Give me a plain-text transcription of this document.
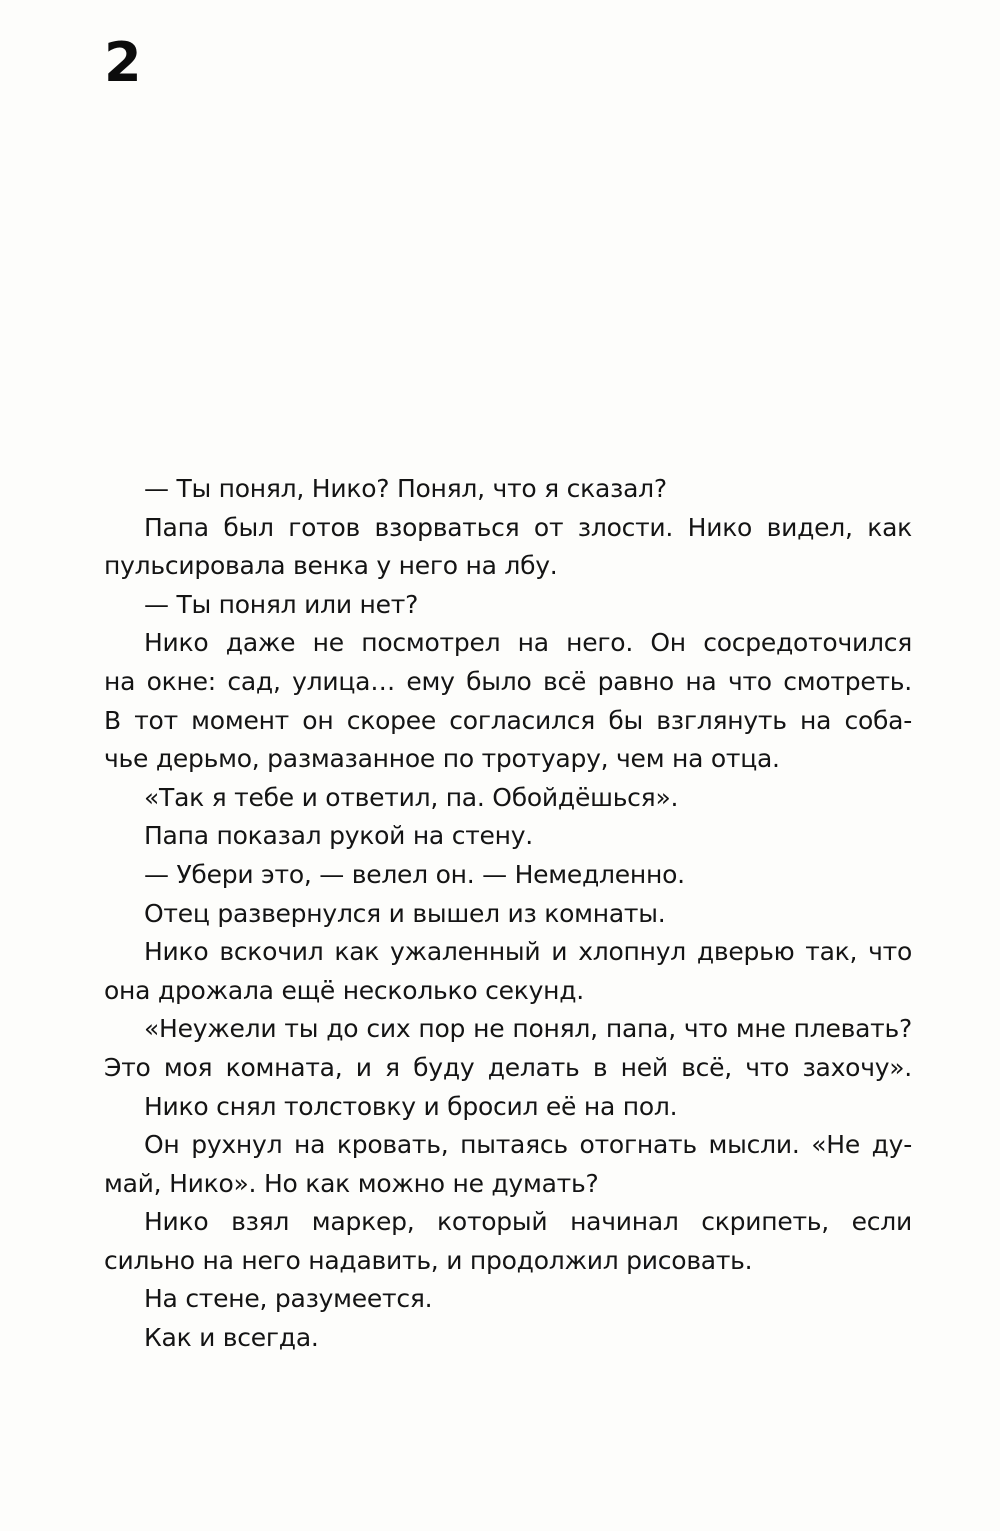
2
— Ты понял, Нико? Понял, что я сказал?
Папа был готов взорваться от злости. Нико видел, как
пульсировала венка у него на лбу.
— Ты понял или нет?
Нико даже не посмотрел на него. Он сосредоточился
на окне: сад, улица… ему было всё равно на что смотреть.
В тот момент он скорее согласился бы взглянуть на соба-
чье дерьмо, размазанное по тротуару, чем на отца.
«Так я тебе и ответил, па. Обойдёшься».
Папа показал рукой на стену.
— Убери это, — велел он. — Немедленно.
Отец развернулся и вышел из комнаты.
Нико вскочил как ужаленный и хлопнул дверью так, что
она дрожала ещё несколько секунд.
«Неужели ты до сих пор не понял, папа, что мне плевать?
Это моя комната, и я буду делать в ней всё, что захочу».
Нико снял толстовку и бросил её на пол.
Он рухнул на кровать, пытаясь отогнать мысли. «Не ду-
май, Нико». Но как можно не думать?
Нико взял маркер, который начинал скрипеть, если
сильно на него надавить, и продолжил рисовать.
На стене, разумеется.
Как и всегда.
